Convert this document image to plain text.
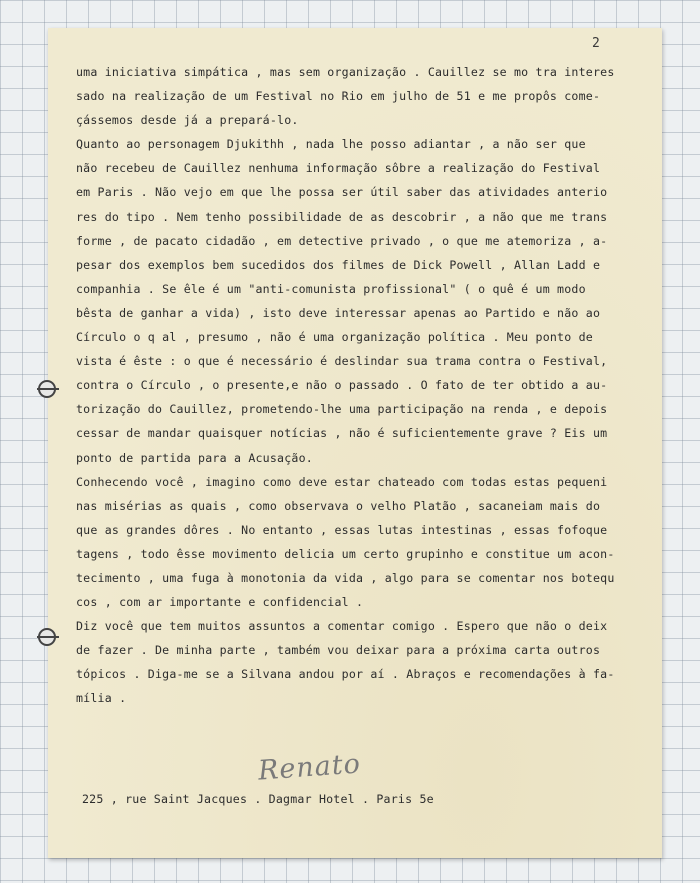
2
uma iniciativa simpática , mas sem organização . Cauillez se mo tra interes
sado na realização de um Festival no Rio em julho de 51 e me propôs come-
çássemos desde já a prepará-lo.
Quanto ao personagem Djukithh , nada lhe posso adiantar , a não ser que
não recebeu de Cauillez nenhuma informação sôbre a realização do Festival
em Paris . Não vejo em que lhe possa ser útil saber das atividades anterio
res do tipo . Nem tenho possibilidade de as descobrir , a não que me trans
forme , de pacato cidadão , em detective privado , o que me atemoriza , a-
pesar dos exemplos bem sucedidos dos filmes de Dick Powell , Allan Ladd e
companhia . Se êle é um "anti-comunista profissional" ( o quê é um modo
bêsta de ganhar a vida) , isto deve interessar apenas ao Partido e não ao
Círculo o q al , presumo , não é uma organização política . Meu ponto de
vista é êste : o que é necessário é deslindar sua trama contra o Festival,
contra o Círculo , o presente,e não o passado . O fato de ter obtido a au-
torização do Cauillez, prometendo-lhe uma participação na renda , e depois
cessar de mandar quaisquer notícias , não é suficientemente grave ? Eis um
ponto de partida para a Acusação.
Conhecendo você , imagino como deve estar chateado com todas estas pequeni
nas misérias as quais , como observava o velho Platão , sacaneiam mais do
que as grandes dôres . No entanto , essas lutas intestinas , essas fofoque
tagens , todo êsse movimento delicia um certo grupinho e constitue um acon-
tecimento , uma fuga à monotonia da vida , algo para se comentar nos botequ
cos , com ar importante e confidencial .
Diz você que tem muitos assuntos a comentar comigo . Espero que não o deix
de fazer . De minha parte , também vou deixar para a próxima carta outros
tópicos . Diga-me se a Silvana andou por aí . Abraços e recomendações à fa-
mília .
Renato
225 , rue Saint Jacques . Dagmar Hotel . Paris 5e
